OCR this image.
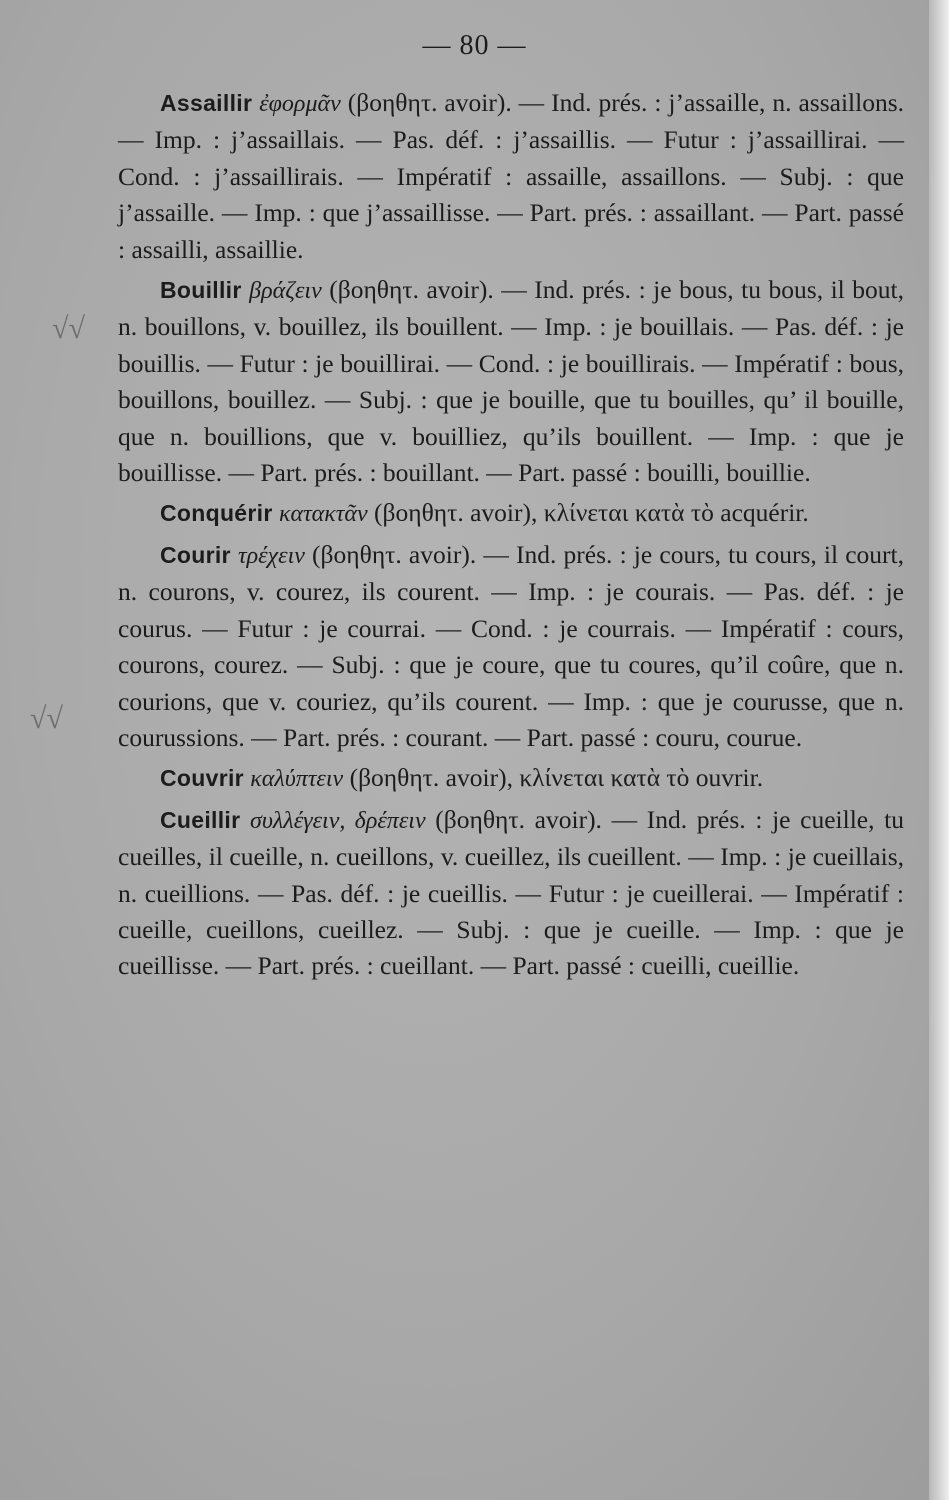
— 80 —
√√
√√

Assaillir ἐφορμᾶν (βοηθητ. avoir). — Ind. prés. : j’assaille, n. assaillons. — Imp. : j’assaillais. — Pas. déf. : j’assaillis. — Futur : j’assaillirai. — Cond. : j’assaillirais. — Impératif : assaille, assaillons. — Subj. : que j’assaille. — Imp. : que j’assaillisse. — Part. prés. : assaillant. — Part. passé : assailli, assaillie.

Bouillir βράζειν (βοηθητ. avoir). — Ind. prés. : je bous, tu bous, il bout, n. bouillons, v. bouillez, ils bouillent. — Imp. : je bouillais. — Pas. déf. : je bouillis. — Futur : je bouillirai. — Cond. : je bouillirais. — Impératif : bous, bouillons, bouillez. — Subj. : que je bouille, que tu bouilles, qu’ il bouille, que n. bouillions, que v. bouilliez, qu’ils bouillent. — Imp. : que je bouillisse. — Part. prés. : bouillant. — Part. passé : bouilli, bouillie.

Conquérir κατακτᾶν (βοηθητ. avoir), κλίνεται κατὰ τὸ acquérir.

Courir τρέχειν (βοηθητ. avoir). — Ind. prés. : je cours, tu cours, il court, n. courons, v. courez, ils courent. — Imp. : je courais. — Pas. déf. : je courus. — Futur : je courrai. — Cond. : je courrais. — Impératif : cours, courons, courez. — Subj. : que je coure, que tu coures, qu’il coûre, que n. courions, que v. couriez, qu’ils courent. — Imp. : que je courusse, que n. courussions. — Part. prés. : courant. — Part. passé : couru, courue.

Couvrir καλύπτειν (βοηθητ. avoir), κλίνεται κατὰ τὸ ouvrir.

Cueillir συλλέγειν, δρέπειν (βοηθητ. avoir). — Ind. prés. : je cueille, tu cueilles, il cueille, n. cueillons, v. cueillez, ils cueillent. — Imp. : je cueillais, n. cueillions. — Pas. déf. : je cueillis. — Futur : je cueillerai. — Impératif : cueille, cueillons, cueillez. — Subj. : que je cueille. — Imp. : que je cueillisse. — Part. prés. : cueillant. — Part. passé : cueilli, cueillie.
